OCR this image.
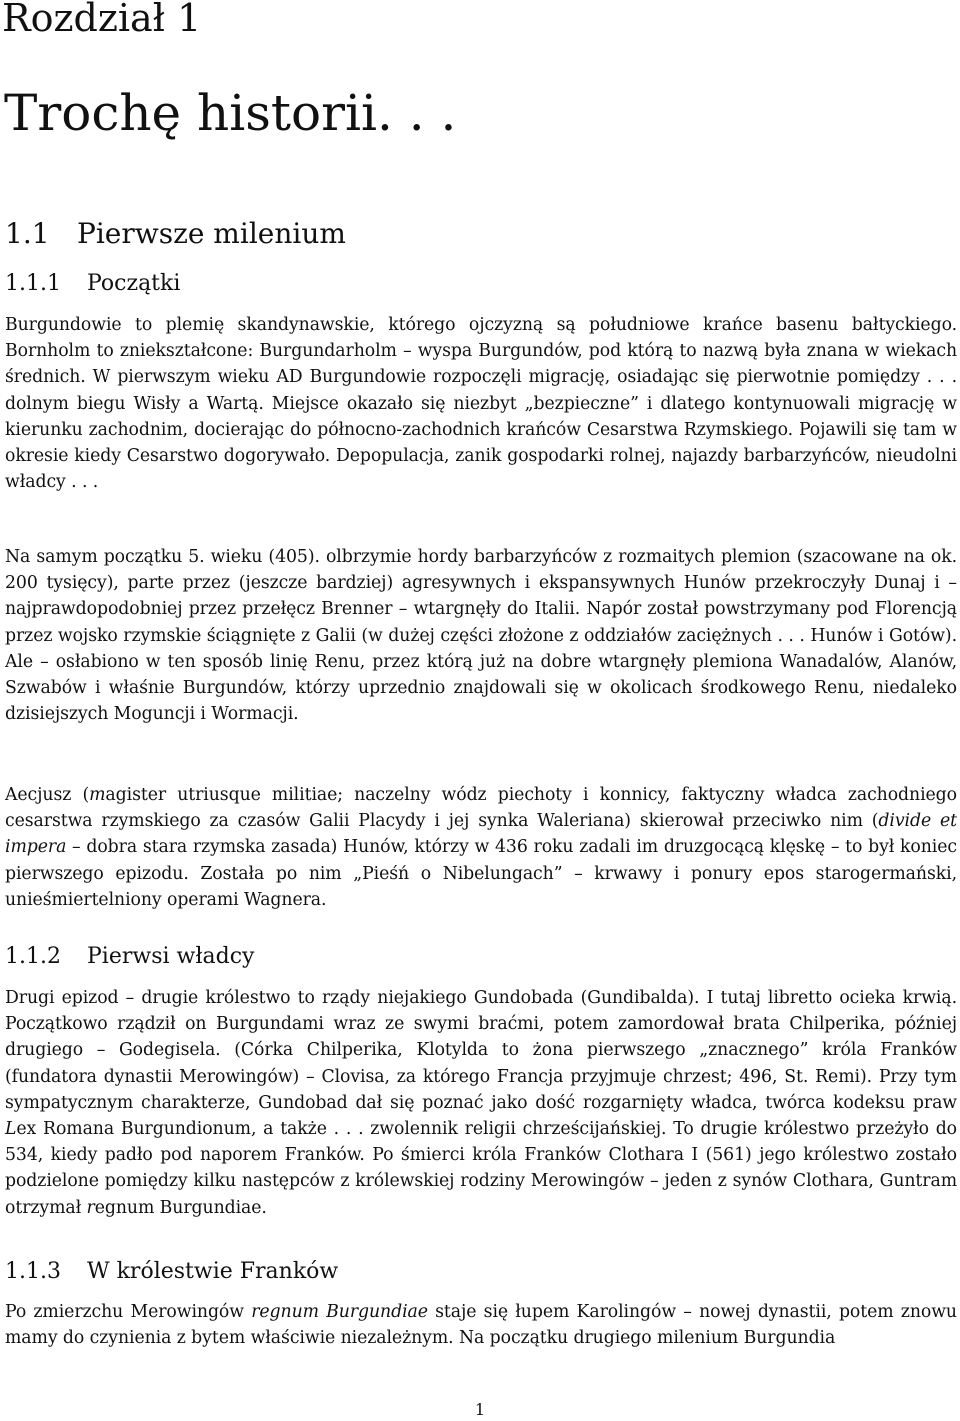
Rozdział 1
Trochę historii. . .
1.1 Pierwsze milenium
1.1.1 Początki

Burgundowie to plemię skandynawskie, którego ojczyzną są południowe krańce basenu bałtyckiego. Bornholm to zniekształcone: Burgundarholm – wyspa Burgundów, pod którą to nazwą była znana w wiekach średnich. W pierwszym wieku AD Burgundowie rozpoczęli migrację, osiadając się pierwotnie pomiędzy . . . dolnym biegu Wisły a Wartą. Miejsce okazało się niezbyt „bezpieczne” i dlatego kontynuowali migrację w kierunku zachodnim, docierając do północno-zachodnich krańców Cesarstwa Rzymskiego. Pojawili się tam w okresie kiedy Cesarstwo dogorywało. Depopulacja, zanik gospodarki rolnej, najazdy barbarzyńców, nieudolni władcy . . .

Na samym początku 5. wieku (405). olbrzymie hordy barbarzyńców z rozmaitych plemion (szacowane na ok. 200 tysięcy), parte przez (jeszcze bardziej) agresywnych i ekspansywnych Hunów przekroczyły Dunaj i – najprawdopodobniej przez przełęcz Brenner – wtargnęły do Italii. Napór został powstrzymany pod Florencją przez wojsko rzymskie ściągnięte z Galii (w dużej części złożone z oddziałów zaciężnych . . . Hunów i Gotów). Ale – osłabiono w ten sposób linię Renu, przez którą już na dobre wtargnęły plemiona Wanadalów, Alanów, Szwabów i właśnie Burgundów, którzy uprzednio znajdowali się w okolicach środkowego Renu, niedaleko dzisiejszych Moguncji i Wormacji.

Aecjusz (magister utriusque militiae; naczelny wódz piechoty i konnicy, faktyczny władca zachodniego cesarstwa rzymskiego za czasów Galii Placydy i jej synka Waleriana) skierował przeciwko nim (divide et impera – dobra stara rzymska zasada) Hunów, którzy w 436 roku zadali im druzgocącą klęskę – to był koniec pierwszego epizodu. Została po nim „Pieśń o Nibelungach” – krwawy i ponury epos starogermański, unieśmiertelniony operami Wagnera.

1.1.2 Pierwsi władcy

Drugi epizod – drugie królestwo to rządy niejakiego Gundobada (Gundibalda). I tutaj libretto ocieka krwią. Początkowo rządził on Burgundami wraz ze swymi braćmi, potem zamordował brata Chilperika, później drugiego – Godegisela. (Córka Chilperika, Klotylda to żona pierwszego „znacznego” króla Franków (fundatora dynastii Merowingów) – Clovisa, za którego Francja przyjmuje chrzest; 496, St. Remi). Przy tym sympatycznym charakterze, Gundobad dał się poznać jako dość rozgarnięty władca, twórca kodeksu praw Lex Romana Burgundionum, a także . . . zwolennik religii chrześcijańskiej. To drugie królestwo przeżyło do 534, kiedy padło pod naporem Franków. Po śmierci króla Franków Clothara I (561) jego królestwo zostało podzielone pomiędzy kilku następców z królewskiej rodziny Merowingów – jeden z synów Clothara, Guntram otrzymał regnum Burgundiae.

1.1.3 W królestwie Franków

Po zmierzchu Merowingów regnum Burgundiae staje się łupem Karolingów – nowej dynastii, potem znowu mamy do czynienia z bytem właściwie niezależnym. Na początku drugiego milenium Burgundia

1
